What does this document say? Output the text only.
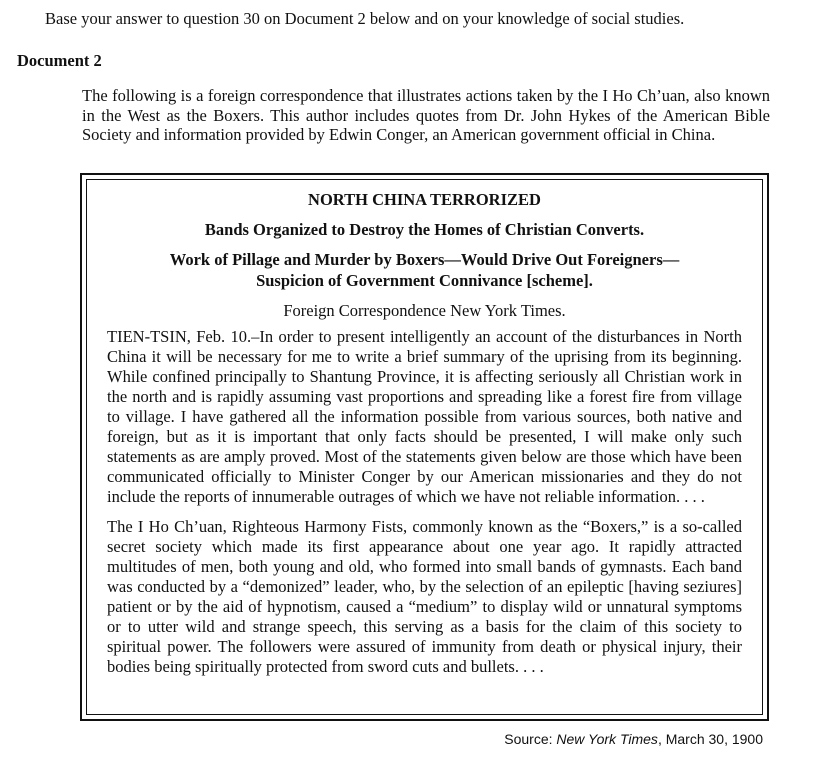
Base your answer to question 30 on Document 2 below and on your knowledge of social studies.
Document 2
The following is a foreign correspondence that illustrates actions taken by the I Ho Ch’uan, also known in the West as the Boxers. This author includes quotes from Dr. John Hykes of the American Bible Society and information provided by Edwin Conger, an American government official in China.

NORTH CHINA TERRORIZED

Bands Organized to Destroy the Homes of Christian Converts.

Work of Pillage and Murder by Boxers—Would Drive Out Foreigners—

Suspicion of Government Connivance [scheme].

Foreign Correspondence New York Times.

TIEN-TSIN, Feb. 10.–In order to present intelligently an account of the disturbances in North China it will be necessary for me to write a brief summary of the uprising from its beginning. While confined principally to Shantung Province, it is affecting seriously all Christian work in the north and is rapidly assuming vast proportions and spreading like a forest fire from village to village. I have gathered all the information possible from various sources, both native and foreign, but as it is important that only facts should be presented, I will make only such statements as are amply proved. Most of the statements given below are those which have been communicated officially to Minister Conger by our American missionaries and they do not include the reports of innumerable outrages of which we have not reliable information. . . .

The I Ho Ch’uan, Righteous Harmony Fists, commonly known as the “Boxers,” is a so-called secret society which made its first appearance about one year ago. It rapidly attracted multitudes of men, both young and old, who formed into small bands of gymnasts. Each band was conducted by a “demonized” leader, who, by the selection of an epileptic [having seziures] patient or by the aid of hypnotism, caused a “medium” to display wild or unnatural symptoms or to utter wild and strange speech, this serving as a basis for the claim of this society to spiritual power. The followers were assured of immunity from death or physical injury, their bodies being spiritually protected from sword cuts and bullets. . . .

Source: New York Times, March 30, 1900
